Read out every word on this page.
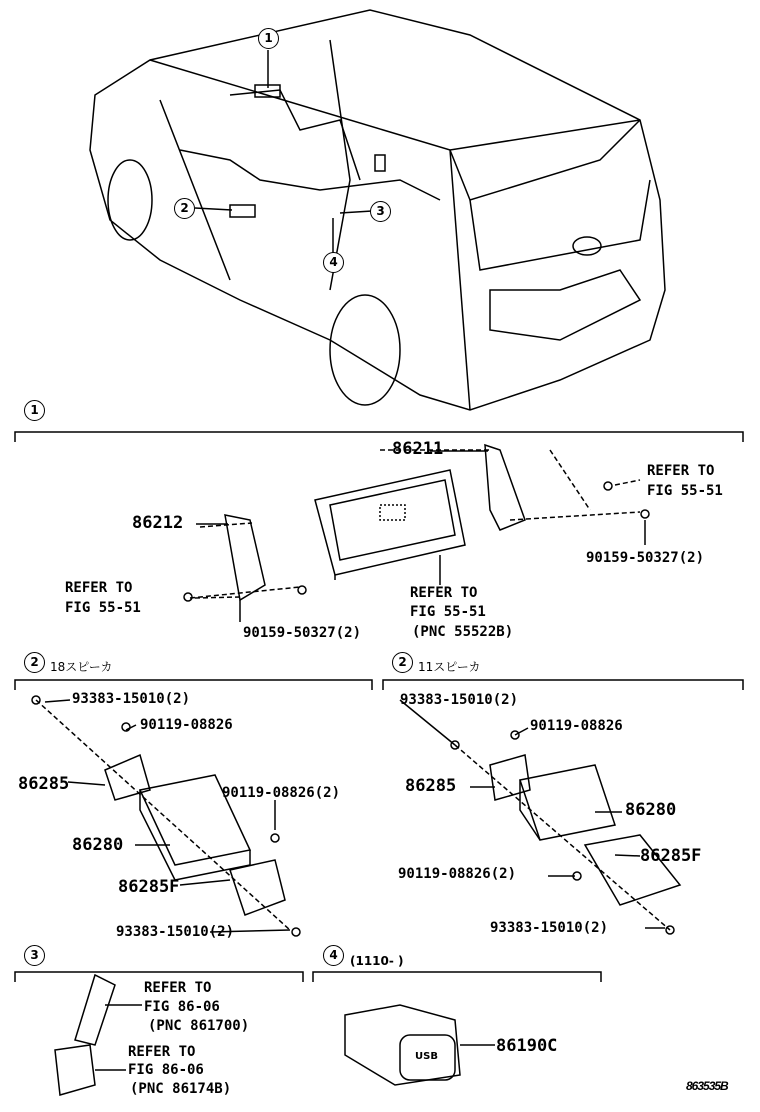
1
2	3
4
1
86211
86212
REFER TO
FIG 55-51
90159-50327(2)
REFER TO
FIG 55-51
90159-50327(2)
REFER TO
FIG 55-51
(PNC 55522B)
2 18スピーカ
93383-15010(2)
90119-08826
86285	90119-08826(2)
86280
86285F
93383-15010(2)
2 11スピーカ
93383-15010(2)
90119-08826
86285
86280
86285F
90119-08826(2)
93383-15010(2)
3
REFER TO
FIG 86-06
(PNC 861700)
REFER TO
FIG 86-06
(PNC 86174B)
4	(1110- )
USB
86190C
863535B
